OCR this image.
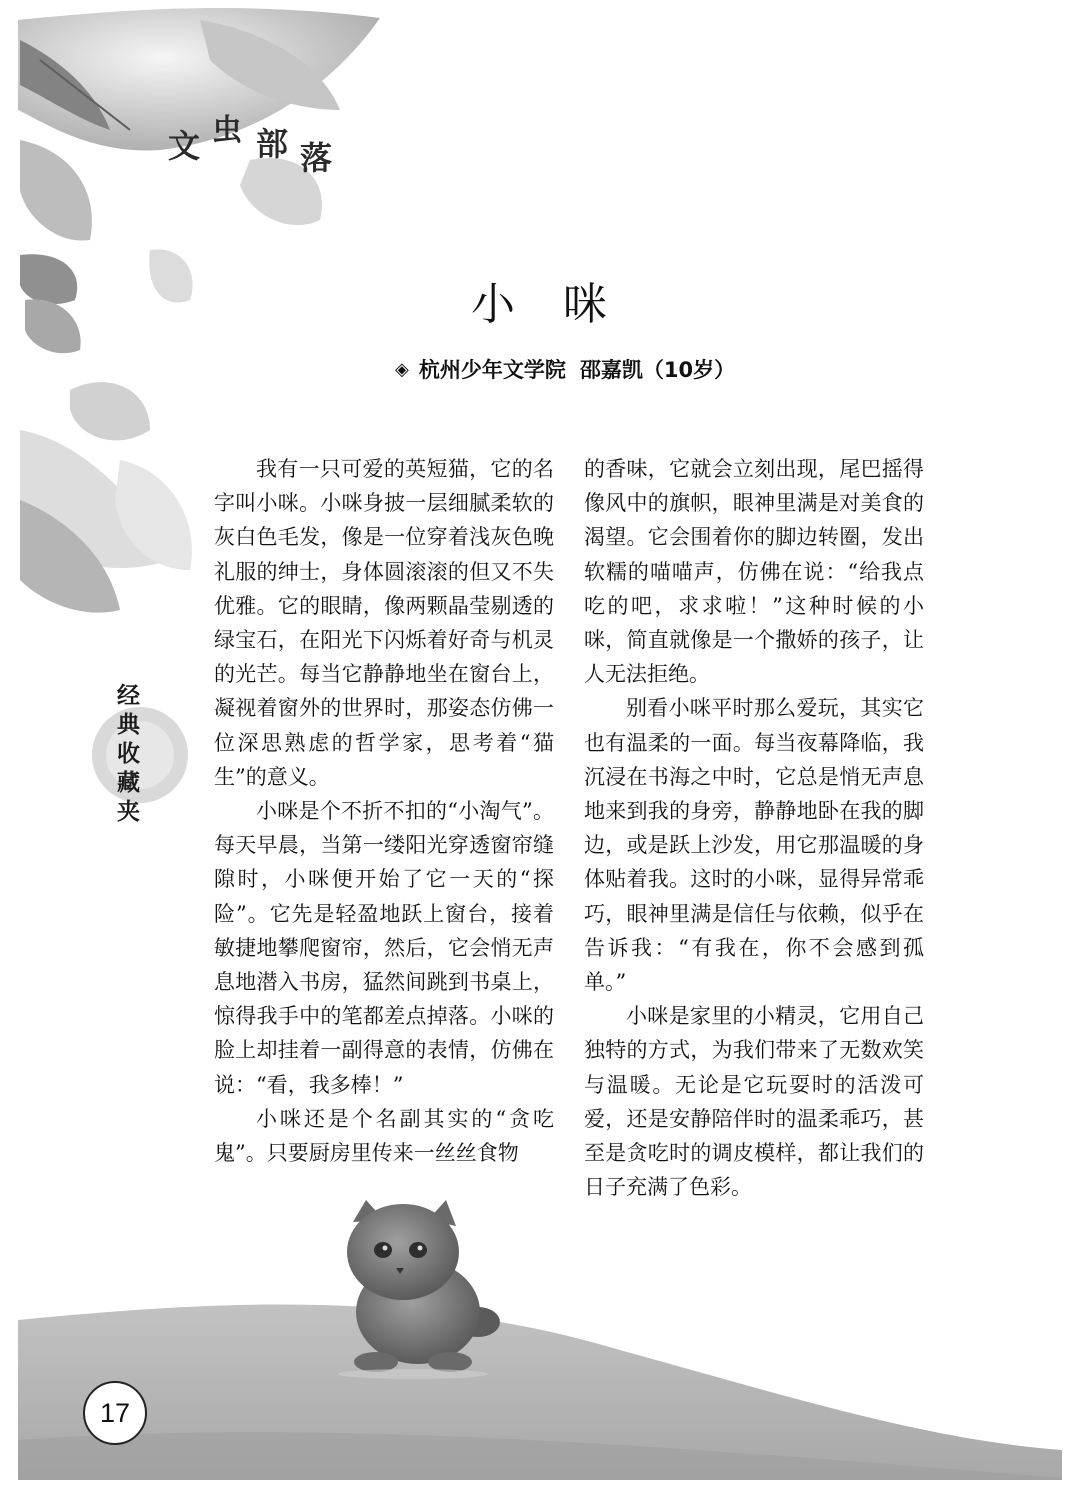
文 虫 部 落
小　咪
◈ 杭州少年文学院 邵嘉凯（10岁）

我有一只可爱的英短猫，它的名字叫小咪。小咪身披一层细腻柔软的灰白色毛发，像是一位穿着浅灰色晚礼服的绅士，身体圆滚滚的但又不失优雅。它的眼睛，像两颗晶莹剔透的绿宝石，在阳光下闪烁着好奇与机灵的光芒。每当它静静地坐在窗台上，凝视着窗外的世界时，那姿态仿佛一位深思熟虑的哲学家，思考着“猫生”的意义。

小咪是个不折不扣的“小淘气”。每天早晨，当第一缕阳光穿透窗帘缝隙时，小咪便开始了它一天的“探险”。它先是轻盈地跃上窗台，接着敏捷地攀爬窗帘，然后，它会悄无声息地潜入书房，猛然间跳到书桌上，惊得我手中的笔都差点掉落。小咪的脸上却挂着一副得意的表情，仿佛在说：“看，我多棒！”

小咪还是个名副其实的“贪吃鬼”。只要厨房里传来一丝丝食物

的香味，它就会立刻出现，尾巴摇得像风中的旗帜，眼神里满是对美食的渴望。它会围着你的脚边转圈，发出软糯的喵喵声，仿佛在说：“给我点吃的吧，求求啦！”这种时候的小咪，简直就像是一个撒娇的孩子，让人无法拒绝。

别看小咪平时那么爱玩，其实它也有温柔的一面。每当夜幕降临，我沉浸在书海之中时，它总是悄无声息地来到我的身旁，静静地卧在我的脚边，或是跃上沙发，用它那温暖的身体贴着我。这时的小咪，显得异常乖巧，眼神里满是信任与依赖，似乎在告诉我：“有我在，你不会感到孤单。”

小咪是家里的小精灵，它用自己独特的方式，为我们带来了无数欢笑与温暖。无论是它玩耍时的活泼可爱，还是安静陪伴时的温柔乖巧，甚至是贪吃时的调皮模样，都让我们的日子充满了色彩。

经典收藏夹
17
